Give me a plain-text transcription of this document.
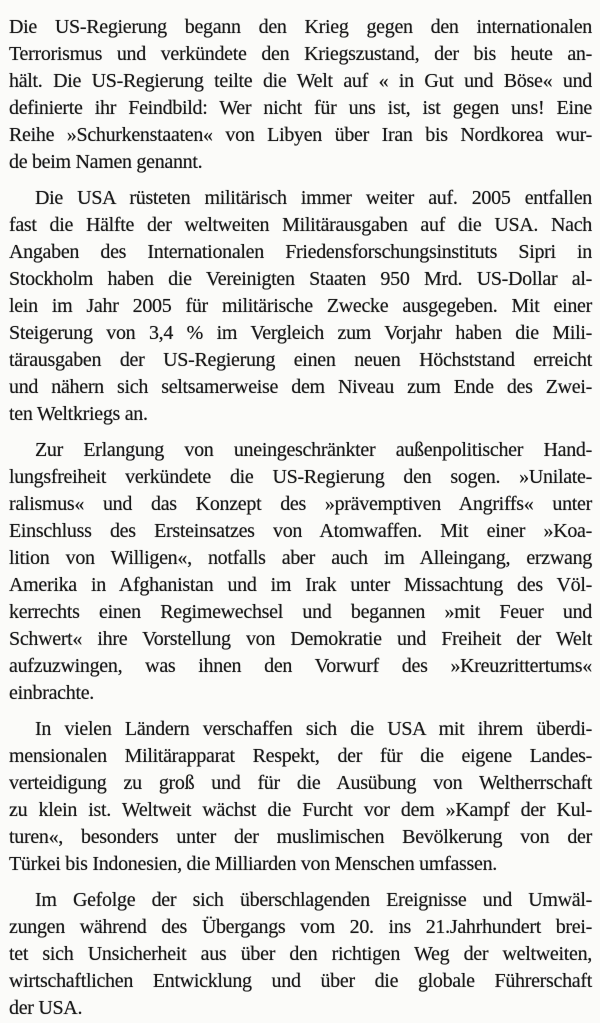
Die US-Regierung begann den Krieg gegen den internationalen
Terrorismus und verkündete den Kriegszustand, der bis heute an-
hält. Die US-Regierung teilte die Welt auf « in Gut und Böse« und
definierte ihr Feindbild: Wer nicht für uns ist, ist gegen uns! Eine
Reihe »Schurkenstaaten« von Libyen über Iran bis Nordkorea wur-
de beim Namen genannt.
Die USA rüsteten militärisch immer weiter auf. 2005 entfallen
fast die Hälfte der weltweiten Militärausgaben auf die USA. Nach
Angaben des Internationalen Friedensforschungsinstituts Sipri in
Stockholm haben die Vereinigten Staaten 950 Mrd. US-Dollar al-
lein im Jahr 2005 für militärische Zwecke ausgegeben. Mit einer
Steigerung von 3,4 % im Vergleich zum Vorjahr haben die Mili-
tärausgaben der US-Regierung einen neuen Höchststand erreicht
und nähern sich seltsamerweise dem Niveau zum Ende des Zwei-
ten Weltkriegs an.
Zur Erlangung von uneingeschränkter außenpolitischer Hand-
lungsfreiheit verkündete die US-Regierung den sogen. »Unilate-
ralismus« und das Konzept des »prävemptiven Angriffs« unter
Einschluss des Ersteinsatzes von Atomwaffen. Mit einer »Koa-
lition von Willigen«, notfalls aber auch im Alleingang, erzwang
Amerika in Afghanistan und im Irak unter Missachtung des Völ-
kerrechts einen Regimewechsel und begannen »mit Feuer und
Schwert« ihre Vorstellung von Demokratie und Freiheit der Welt
aufzuzwingen, was ihnen den Vorwurf des »Kreuzrittertums«
einbrachte.
In vielen Ländern verschaffen sich die USA mit ihrem überdi-
mensionalen Militärapparat Respekt, der für die eigene Landes-
verteidigung zu groß und für die Ausübung von Weltherrschaft
zu klein ist. Weltweit wächst die Furcht vor dem »Kampf der Kul-
turen«, besonders unter der muslimischen Bevölkerung von der
Türkei bis Indonesien, die Milliarden von Menschen umfassen.
Im Gefolge der sich überschlagenden Ereignisse und Umwäl-
zungen während des Übergangs vom 20. ins 21.Jahrhundert brei-
tet sich Unsicherheit aus über den richtigen Weg der weltweiten,
wirtschaftlichen Entwicklung und über die globale Führerschaft
der USA.
